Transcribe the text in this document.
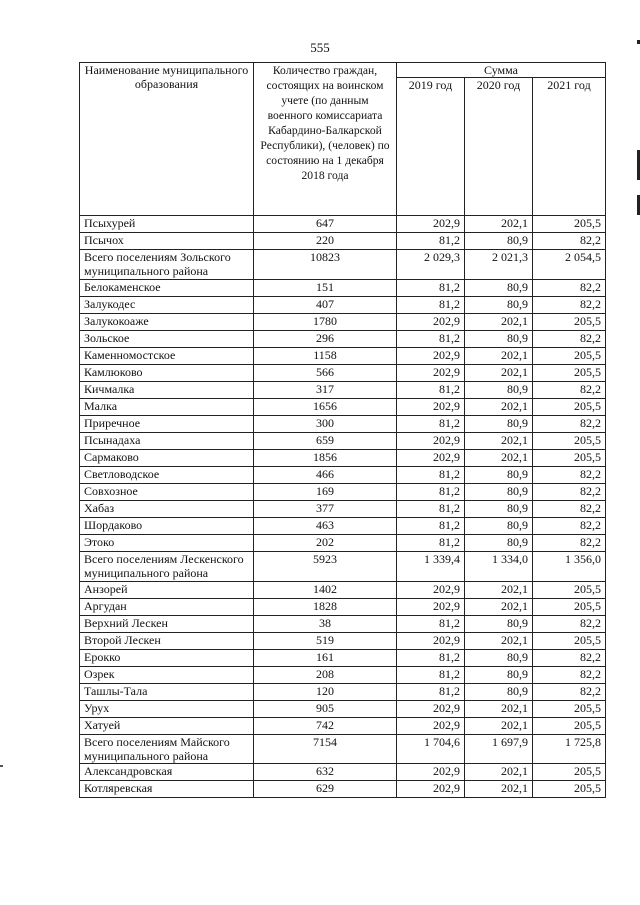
555
Наименование муниципального образования	Количество граждан, состоящих на воинском учете (по данным военного комиссариата Кабардино-Балкарской Республики), (человек) по состоянию на 1 декабря 2018 года	Сумма		
		2019 год	2020 год	2021 год
Псыхурей	647	202,9	202,1	205,5
Псычох	220	81,2	80,9	82,2
Всего поселениям Зольского муниципального района	10823	2 029,3	2 021,3	2 054,5
Белокаменское	151	81,2	80,9	82,2
Залукодес	407	81,2	80,9	82,2
Залукокоаже	1780	202,9	202,1	205,5
Зольское	296	81,2	80,9	82,2
Каменномостское	1158	202,9	202,1	205,5
Камлюково	566	202,9	202,1	205,5
Кичмалка	317	81,2	80,9	82,2
Малка	1656	202,9	202,1	205,5
Приречное	300	81,2	80,9	82,2
Псынадаха	659	202,9	202,1	205,5
Сармаково	1856	202,9	202,1	205,5
Светловодское	466	81,2	80,9	82,2
Совхозное	169	81,2	80,9	82,2
Хабаз	377	81,2	80,9	82,2
Шордаково	463	81,2	80,9	82,2
Этоко	202	81,2	80,9	82,2
Всего поселениям Лескенского муниципального района	5923	1 339,4	1 334,0	1 356,0
Анзорей	1402	202,9	202,1	205,5
Аргудан	1828	202,9	202,1	205,5
Верхний Лескен	38	81,2	80,9	82,2
Второй Лескен	519	202,9	202,1	205,5
Ерокко	161	81,2	80,9	82,2
Озрек	208	81,2	80,9	82,2
Ташлы-Тала	120	81,2	80,9	82,2
Урух	905	202,9	202,1	205,5
Хатуей	742	202,9	202,1	205,5
Всего поселениям Майского муниципального района	7154	1 704,6	1 697,9	1 725,8
Александровская	632	202,9	202,1	205,5
Котляревская	629	202,9	202,1	205,5
